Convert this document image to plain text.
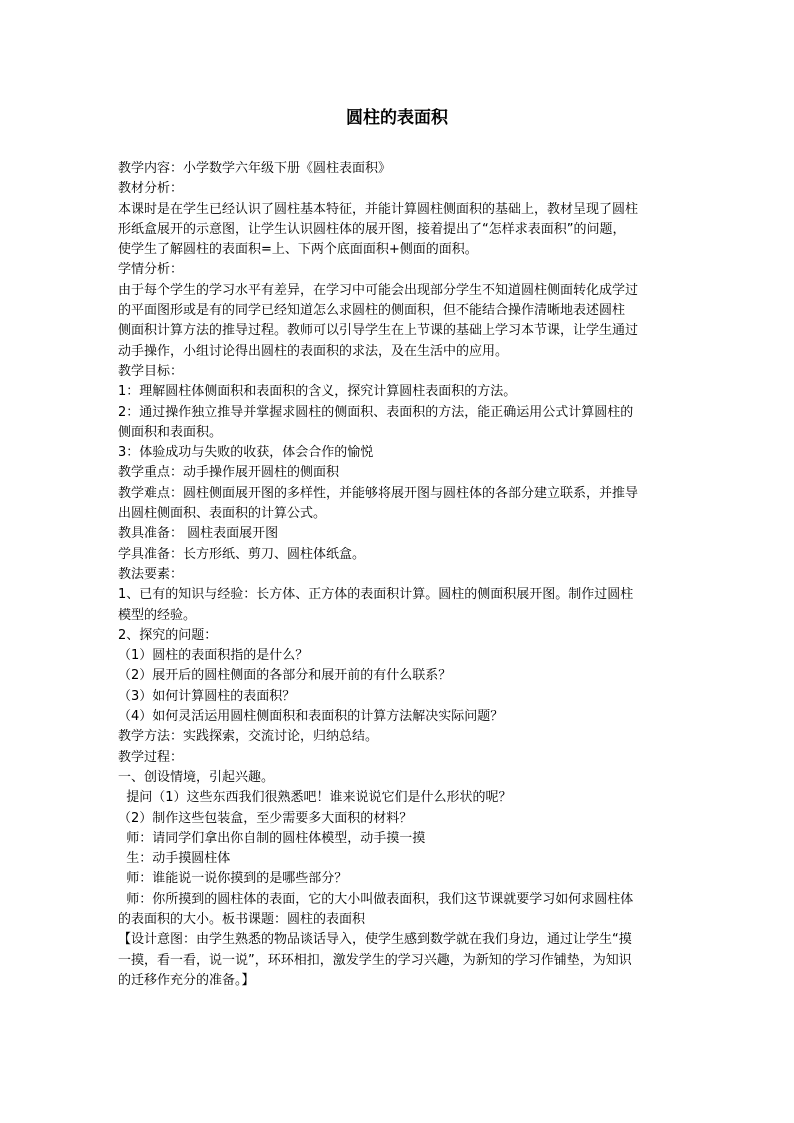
圆柱的表面积
教学内容：小学数学六年级下册《圆柱表面积》
教材分析：
本课时是在学生已经认识了圆柱基本特征，并能计算圆柱侧面积的基础上，教材呈现了圆柱
形纸盒展开的示意图，让学生认识圆柱体的展开图，接着提出了“怎样求表面积”的问题，
使学生了解圆柱的表面积=上、下两个底面面积+侧面的面积。
学情分析：
由于每个学生的学习水平有差异，在学习中可能会出现部分学生不知道圆柱侧面转化成学过
的平面图形或是有的同学已经知道怎么求圆柱的侧面积，但不能结合操作清晰地表述圆柱
侧面积计算方法的推导过程。教师可以引导学生在上节课的基础上学习本节课，让学生通过
动手操作，小组讨论得出圆柱的表面积的求法，及在生活中的应用。
教学目标：
1：理解圆柱体侧面积和表面积的含义，探究计算圆柱表面积的方法。
2：通过操作独立推导并掌握求圆柱的侧面积、表面积的方法，能正确运用公式计算圆柱的
侧面积和表面积。
3：体验成功与失败的收获，体会合作的愉悦
教学重点：动手操作展开圆柱的侧面积
教学难点：圆柱侧面展开图的多样性，并能够将展开图与圆柱体的各部分建立联系，并推导
出圆柱侧面积、表面积的计算公式。
教具准备： 圆柱表面展开图
学具准备：长方形纸、剪刀、圆柱体纸盒。
教法要素：
1、已有的知识与经验：长方体、正方体的表面积计算。圆柱的侧面积展开图。制作过圆柱
模型的经验。
2、探究的问题：
（1）圆柱的表面积指的是什么？
（2）展开后的圆柱侧面的各部分和展开前的有什么联系？
（3）如何计算圆柱的表面积？
（4）如何灵活运用圆柱侧面积和表面积的计算方法解决实际问题？
教学方法：实践探索，交流讨论，归纳总结。
教学过程：
一、创设情境，引起兴趣。
提问（1）这些东西我们很熟悉吧！谁来说说它们是什么形状的呢？
（2）制作这些包装盒，至少需要多大面积的材料？
师：请同学们拿出你自制的圆柱体模型，动手摸一摸
生：动手摸圆柱体
师：谁能说一说你摸到的是哪些部分？
师：你所摸到的圆柱体的表面，它的大小叫做表面积，我们这节课就要学习如何求圆柱体
的表面积的大小。板书课题：圆柱的表面积
【设计意图：由学生熟悉的物品谈话导入，使学生感到数学就在我们身边，通过让学生“摸
一摸，看一看，说一说”，环环相扣，激发学生的学习兴趣，为新知的学习作铺垫，为知识
的迁移作充分的准备。】
